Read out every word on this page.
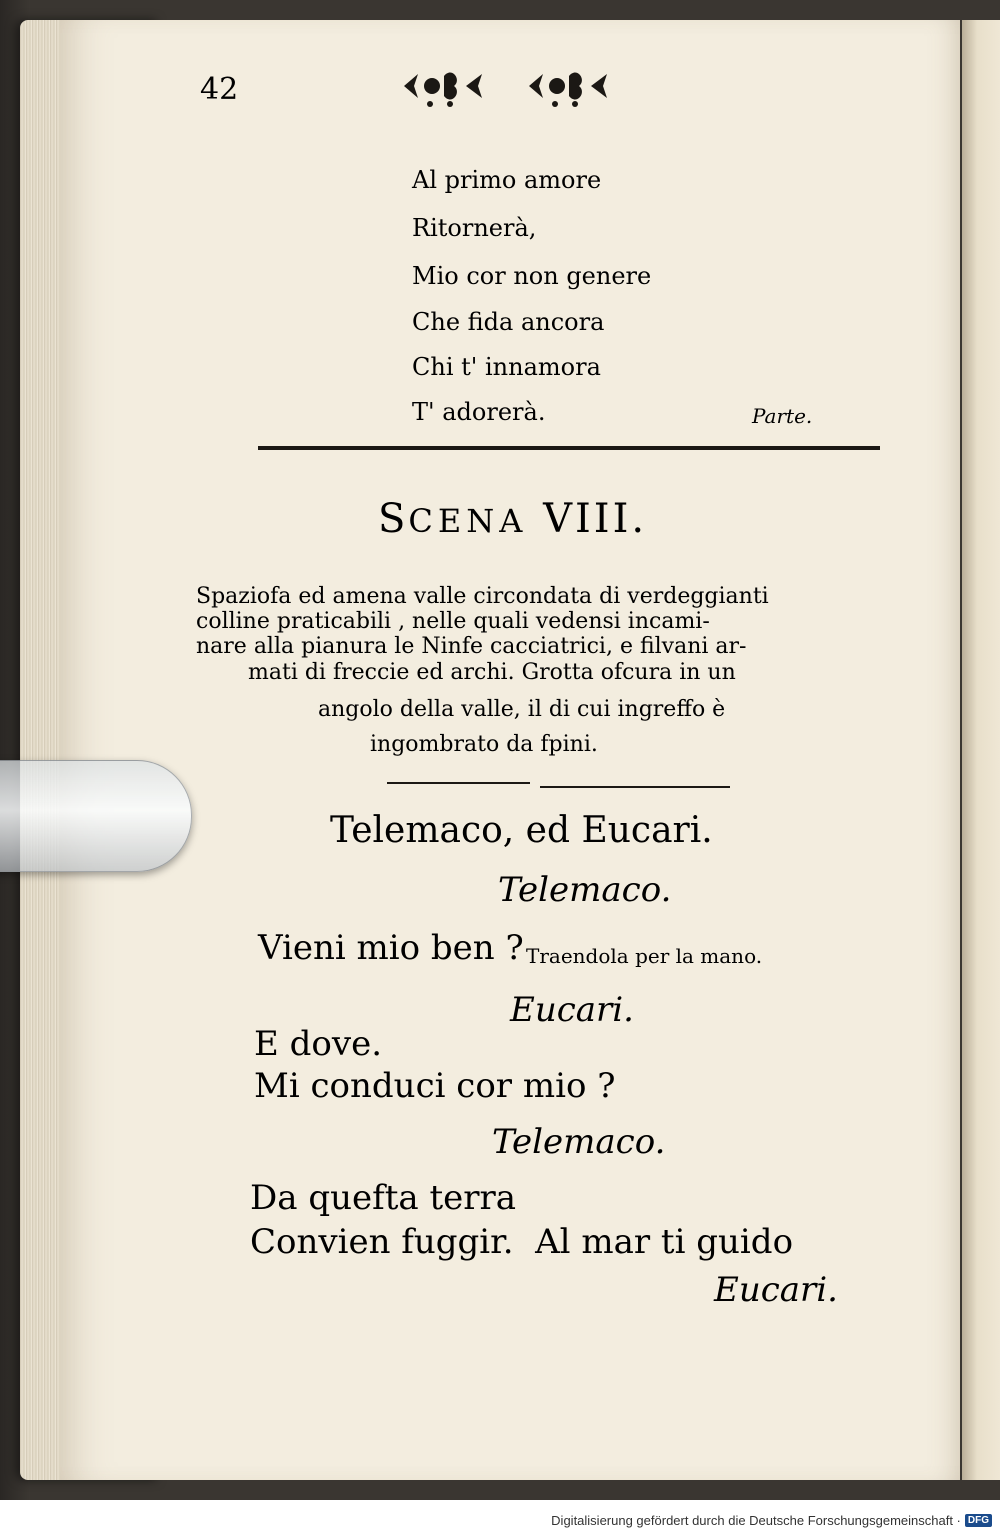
42
Al primo amore
Ritornerà,
Mio cor non genere
Che fida ancora
Chi t' innamora
T' adorerà.	Parte.
SCENA VIII.
Spaziofa ed amena valle circondata di verdeggianti
colline praticabili , nelle quali vedensi incami-
nare alla pianura le Ninfe cacciatrici, e filvani ar-
mati di freccie ed archi. Grotta ofcura in un
angolo della valle, il di cui ingreffo è
ingombrato da fpini.
Telemaco, ed Eucari.
Telemaco.
Vieni mio ben ? Traendola per la mano.
Eucari.
E dove.
Mi conduci cor mio ?
Telemaco.
Da quefta terra
Convien fuggir.  Al mar ti guido
Eucari.
Digitalisierung gefördert durch die Deutsche Forschungsgemeinschaft · DFG
